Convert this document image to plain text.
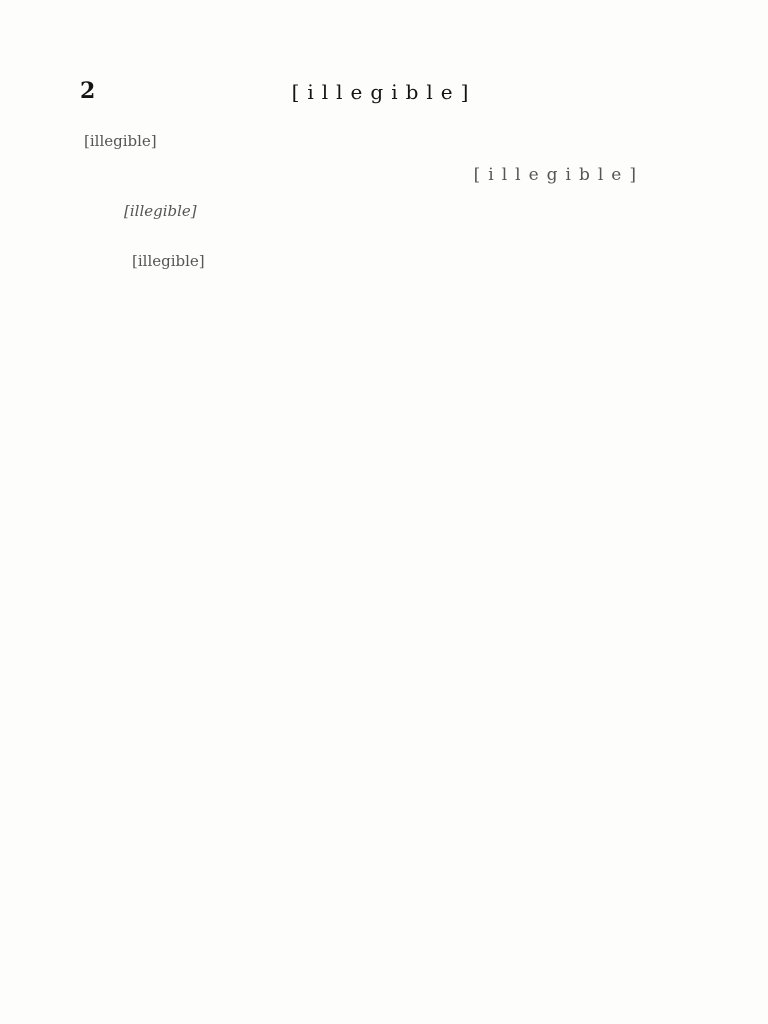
2	[illegible]

[illegible]

[illegible]

[illegible]

[illegible]
